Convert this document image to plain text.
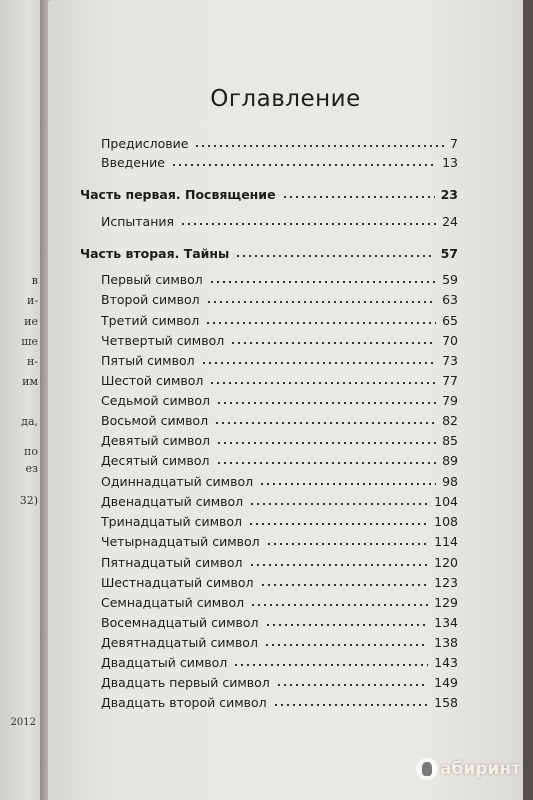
в
и-
ие
ше
н-
им
да,
по
ез
32)
2012
Оглавление
Предисловие	7
Введение	13
Часть первая. Посвящение	23
Испытания	24
Часть вторая. Тайны	57
Первый символ	59
Второй символ	63
Третий символ	65
Четвертый символ	70
Пятый символ	73
Шестой символ	77
Седьмой символ	79
Восьмой символ	82
Девятый символ	85
Десятый символ	89
Одиннадцатый символ	98
Двенадцатый символ	104
Тринадцатый символ	108
Четырнадцатый символ	114
Пятнадцатый символ	120
Шестнадцатый символ	123
Семнадцатый символ	129
Восемнадцатый символ	134
Девятнадцатый символ	138
Двадцатый символ	143
Двадцать первый символ	149
Двадцать второй символ	158
абиринт
